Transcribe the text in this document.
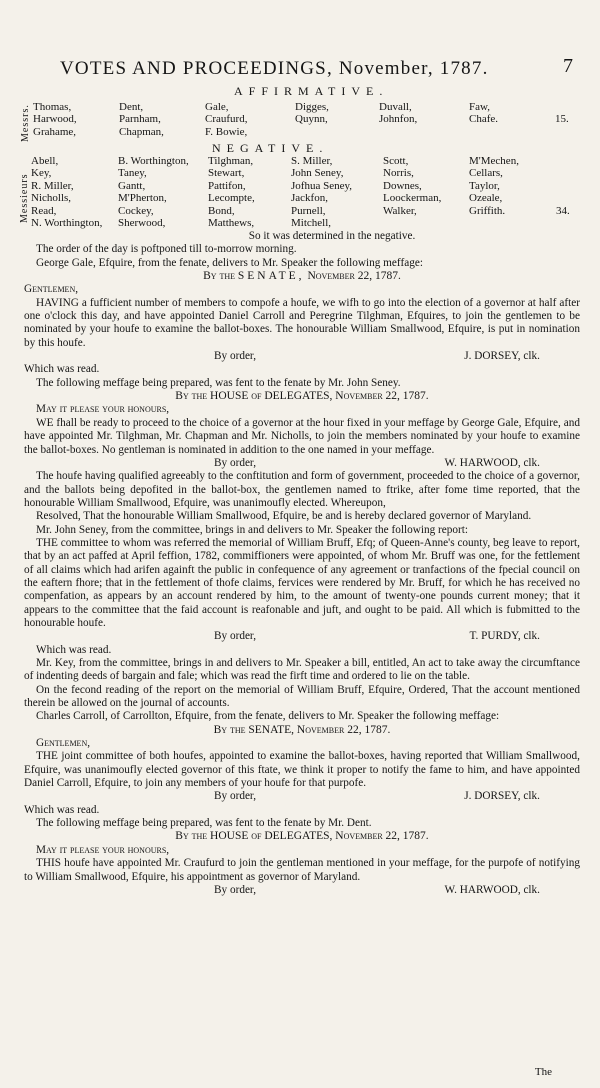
VOTES AND PROCEEDINGS, November, 1787.	7
AFFIRMATIVE.
Messrs. Thomas,	Dent,	Gale,	Digges,	Duvall,	Faw,
Harwood,	Parnham,	Craufurd,	Quynn,	Johnfon,	Chafe.
Grahame,	Chapman,	F. Bowie,
15.
NEGATIVE.
Messieurs
Abell,	B. Worthington,	Tilghman,	S. Miller,	Scott,	M'Mechen,
Key,	Taney,	Stewart,	John Seney,	Norris,	Cellars,
R. Miller,	Gantt,	Pattifon,	Jofhua Seney,	Downes,	Taylor,
Nicholls,	M'Pherton,	Lecompte,	Jackfon,	Loockerman,	Ozeale,
Read,	Cockey,	Bond,	Purnell,	Walker,	Griffith.
N. Worthington,	Sherwood,	Matthews,	Mitchell,
34.

So it was determined in the negative.

The order of the day is poftponed till to-morrow morning.

George Gale, Efquire, from the fenate, delivers to Mr. Speaker the following meffage:

By the SENATE, November 22, 1787.

Gentlemen,

HAVING a fufficient number of members to compofe a houfe, we wifh to go into the election of a governor at half after one o'clock this day, and have appointed Daniel Carroll and Peregrine Tilghman, Efquires, to join the gentlemen to be nominated by your houfe to examine the ballot-boxes. The honourable William Smallwood, Efquire, is put in nomination by this houfe.

By order,	J. DORSEY, clk.

Which was read.

The following meffage being prepared, was fent to the fenate by Mr. John Seney.

By the HOUSE of DELEGATES, November 22, 1787.

May it please your honours,

WE fhall be ready to proceed to the choice of a governor at the hour fixed in your meffage by George Gale, Efquire, and have appointed Mr. Tilghman, Mr. Chapman and Mr. Nicholls, to join the members nominated by your houfe to examine the ballot-boxes. No gentleman is nominated in addition to the one named in your meffage.

By order,	W. HARWOOD, clk.

The houfe having qualified agreeably to the conftitution and form of government, proceeded to the choice of a governor, and the ballots being depofited in the ballot-box, the gentlemen named to ftrike, after fome time reported, that the honourable William Smallwood, Efquire, was unanimoufly elected. Whereupon,

Resolved, That the honourable William Smallwood, Efquire, be and is hereby declared governor of Maryland.

Mr. John Seney, from the committee, brings in and delivers to Mr. Speaker the following report:

THE committee to whom was referred the memorial of William Bruff, Efq; of Queen-Anne's county, beg leave to report, that by an act paffed at April feffion, 1782, commiffioners were appointed, of whom Mr. Bruff was one, for the fettlement of all claims which had arifen againft the public in confequence of any agreement or tranfactions of the fpecial council on the eaftern fhore; that in the fettlement of thofe claims, fervices were rendered by Mr. Bruff, for which he has received no compenfation, as appears by an account rendered by him, to the amount of twenty-one pounds current money; that it appears to the committee that the faid account is reafonable and juft, and ought to be paid. All which is fubmitted to the honourable houfe.

By order,	T. PURDY, clk.

Which was read.

Mr. Key, from the committee, brings in and delivers to Mr. Speaker a bill, entitled, An act to take away the circumftance of indenting deeds of bargain and fale; which was read the firft time and ordered to lie on the table.

On the fecond reading of the report on the memorial of William Bruff, Efquire, Ordered, That the account mentioned therein be allowed on the journal of accounts.

Charles Carroll, of Carrollton, Efquire, from the fenate, delivers to Mr. Speaker the following meffage:

By the SENATE, November 22, 1787.

Gentlemen,

THE joint committee of both houfes, appointed to examine the ballot-boxes, having reported that William Smallwood, Efquire, was unanimoufly elected governor of this ftate, we think it proper to notify the fame to him, and have appointed Daniel Carroll, Efquire, to join any members of your houfe for that purpofe.

By order,	J. DORSEY, clk.

Which was read.

The following meffage being prepared, was fent to the fenate by Mr. Dent.

By the HOUSE of DELEGATES, November 22, 1787.

May it please your honours,

THIS houfe have appointed Mr. Craufurd to join the gentleman mentioned in your meffage, for the purpofe of notifying to William Smallwood, Efquire, his appointment as governor of Maryland.

By order,	W. HARWOOD, clk.
The
